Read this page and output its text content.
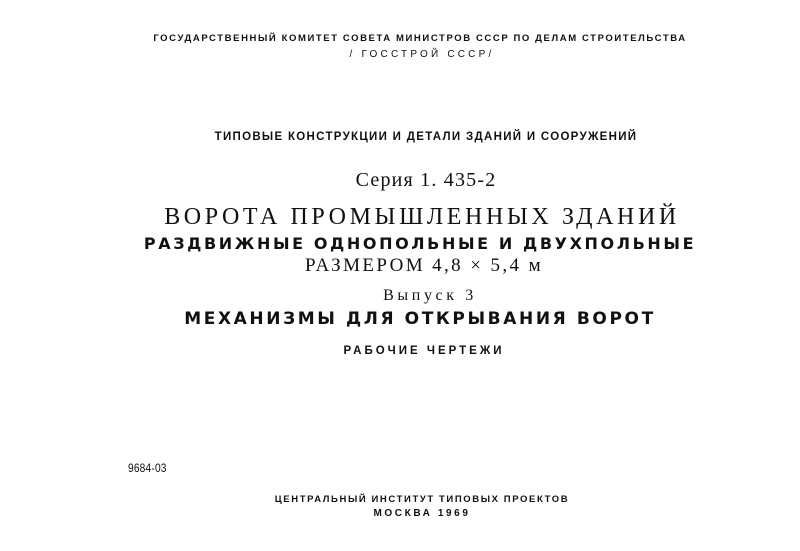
ГОСУДАРСТВЕННЫЙ КОМИТЕТ СОВЕТА МИНИСТРОВ СССР ПО ДЕЛАМ СТРОИТЕЛЬСТВА
/ ГОССТРОЙ СССР/
ТИПОВЫЕ КОНСТРУКЦИИ И ДЕТАЛИ ЗДАНИЙ И СООРУЖЕНИЙ
Серия 1. 435-2
ВОРОТА ПРОМЫШЛЕННЫХ ЗДАНИЙ
РАЗДВИЖНЫЕ ОДНОПОЛЬНЫЕ И ДВУХПОЛЬНЫЕ
РАЗМЕРОМ 4,8 × 5,4 м
Выпуск 3
МЕХАНИЗМЫ ДЛЯ ОТКРЫВАНИЯ ВОРОТ
РАБОЧИЕ ЧЕРТЕЖИ
9684-03
ЦЕНТРАЛЬНЫЙ ИНСТИТУТ ТИПОВЫХ ПРОЕКТОВ
МОСКВА 1969
